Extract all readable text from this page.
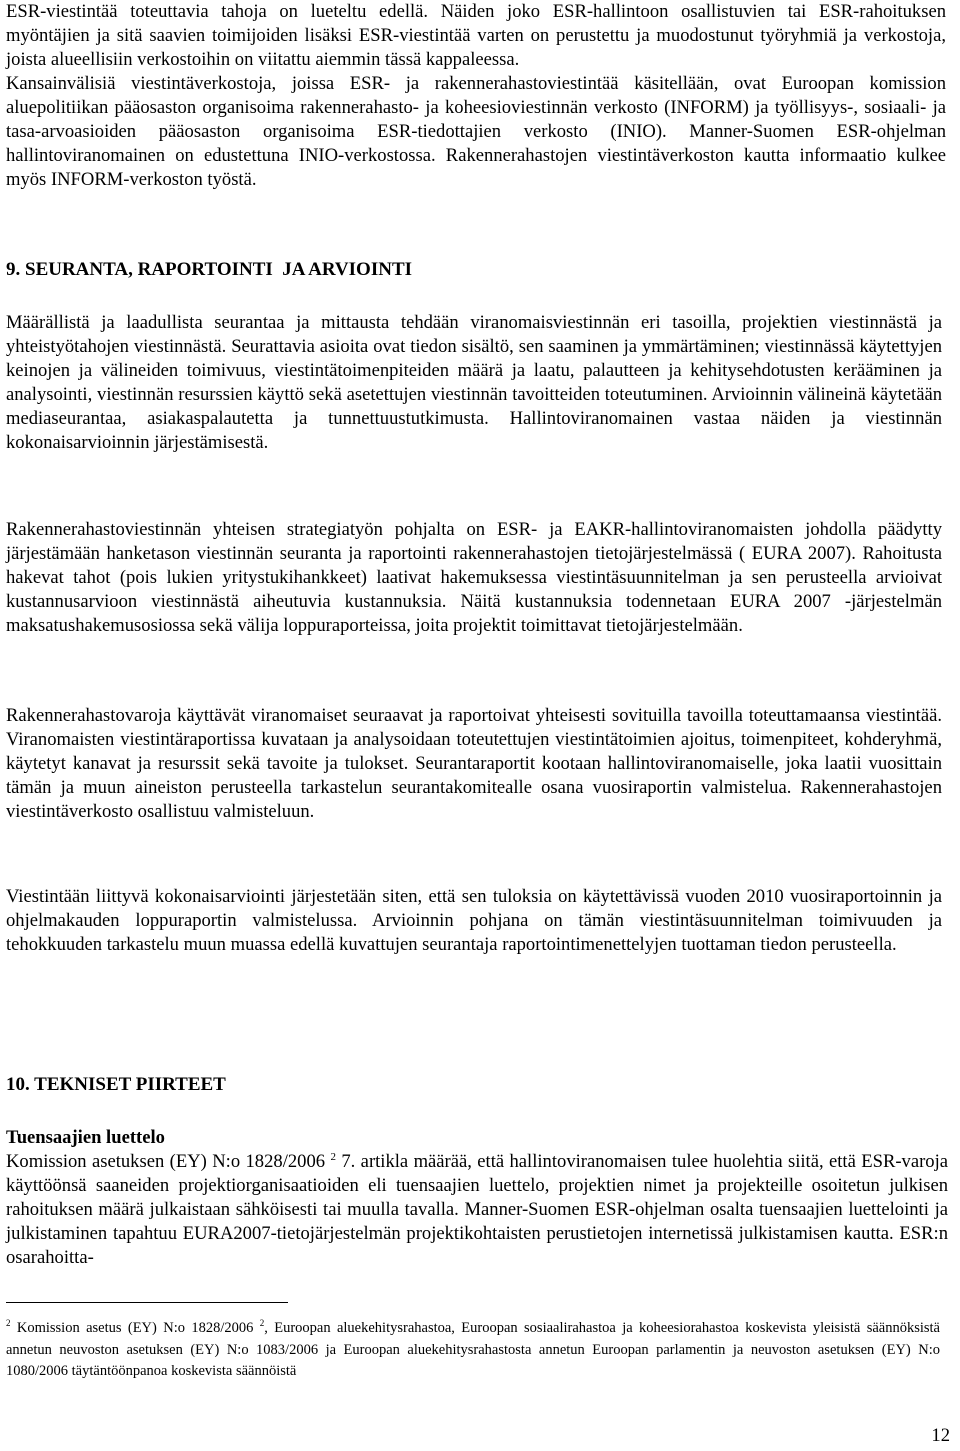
ESR-viestintää toteuttavia tahoja on lueteltu edellä. Näiden joko ESR-hallintoon osallistuvien tai ESR-rahoituksen myöntäjien ja sitä saavien toimijoiden lisäksi ESR-viestintää varten on perustettu ja muodostunut työryhmiä ja verkostoja, joista alueellisiin verkostoihin on viitattu aiemmin tässä kappaleessa.

Kansainvälisiä viestintäverkostoja, joissa ESR- ja rakennerahastoviestintää käsitellään, ovat Euroopan komission aluepolitiikan pääosaston organisoima rakennerahasto- ja koheesioviestinnän verkosto (INFORM) ja työllisyys-, sosiaali- ja tasa-arvoasioiden pääosaston organisoima ESR-tiedottajien verkosto (INIO). Manner-Suomen ESR-ohjelman hallintoviranomainen on edustettuna INIO-verkostossa. Rakennerahastojen viestintäverkoston kautta informaatio kulkee myös INFORM-verkoston työstä.

9. SEURANTA, RAPORTOINTI  JA ARVIOINTI

Määrällistä ja laadullista seurantaa ja mittausta tehdään viranomaisviestinnän eri tasoilla, projektien viestinnästä ja yhteistyötahojen viestinnästä. Seurattavia asioita ovat tiedon sisältö, sen saaminen ja ymmärtäminen; viestinnässä käytettyjen keinojen ja välineiden toimivuus, viestintätoimenpiteiden määrä ja laatu, palautteen ja kehitysehdotusten kerääminen ja analysointi, viestinnän resurssien käyttö sekä asetettujen viestinnän tavoitteiden toteutuminen. Arvioinnin välineinä käytetään mediaseurantaa, asiakaspalautetta ja tunnettuustutkimusta. Hallintoviranomainen vastaa näiden ja viestinnän kokonaisarvioinnin järjestämisestä.

Rakennerahastoviestinnän yhteisen strategiatyön pohjalta on ESR- ja EAKR-hallintoviranomaisten johdolla päädytty järjestämään hanketason viestinnän seuranta ja raportointi rakennerahastojen tietojärjestelmässä ( EURA 2007). Rahoitusta hakevat tahot (pois lukien yritystukihankkeet) laativat hakemuksessa viestintäsuunnitelman ja sen perusteella arvioivat kustannusarvioon viestinnästä aiheutuvia kustannuksia. Näitä kustannuksia todennetaan EURA 2007 -järjestelmän maksatushakemusosiossa sekä välija loppuraporteissa, joita projektit toimittavat tietojärjestelmään.

Rakennerahastovaroja käyttävät viranomaiset seuraavat ja raportoivat yhteisesti sovituilla tavoilla toteuttamaansa viestintää. Viranomaisten viestintäraportissa kuvataan ja analysoidaan toteutettujen viestintätoimien ajoitus, toimenpiteet, kohderyhmä, käytetyt kanavat ja resurssit sekä tavoite ja tulokset. Seurantaraportit kootaan hallintoviranomaiselle, joka laatii vuosittain tämän ja muun aineiston perusteella tarkastelun seurantakomitealle osana vuosiraportin valmistelua. Rakennerahastojen viestintäverkosto osallistuu valmisteluun.

Viestintään liittyvä kokonaisarviointi järjestetään siten, että sen tuloksia on käytettävissä vuoden 2010 vuosiraportoinnin ja ohjelmakauden loppuraportin valmistelussa. Arvioinnin pohjana on tämän viestintäsuunnitelman toimivuuden ja tehokkuuden tarkastelu muun muassa edellä kuvattujen seurantaja raportointimenettelyjen tuottaman tiedon perusteella.

10. TEKNISET PIIRTEET
Tuensaajien luettelo

Komission asetuksen (EY) N:o 1828/2006 $^2$ 7. artikla määrää, että hallintoviranomaisen tulee huolehtia siitä, että ESR-varoja käyttöönsä saaneiden projektiorganisaatioiden eli tuensaajien luettelo, projektien nimet ja projekteille osoitetun julkisen rahoituksen määrä julkaistaan sähköisesti tai muulla tavalla. Manner-Suomen ESR-ohjelman osalta tuensaajien luettelointi ja julkistaminen tapahtuu EURA2007-tietojärjestelmän projektikohtaisten perustietojen internetissä julkistamisen kautta. ESR:n osarahoitta-

$^2$ Komission asetus (EY) N:o 1828/2006 $^2$, Euroopan aluekehitysrahastoa, Euroopan sosiaalirahastoa ja koheesiorahastoa koskevista yleisistä säännöksistä annetun neuvoston asetuksen (EY) N:o 1083/2006 ja Euroopan aluekehitysrahastosta annetun Euroopan parlamentin ja neuvoston asetuksen (EY) N:o 1080/2006 täytäntöönpanoa koskevista säännöistä

12
